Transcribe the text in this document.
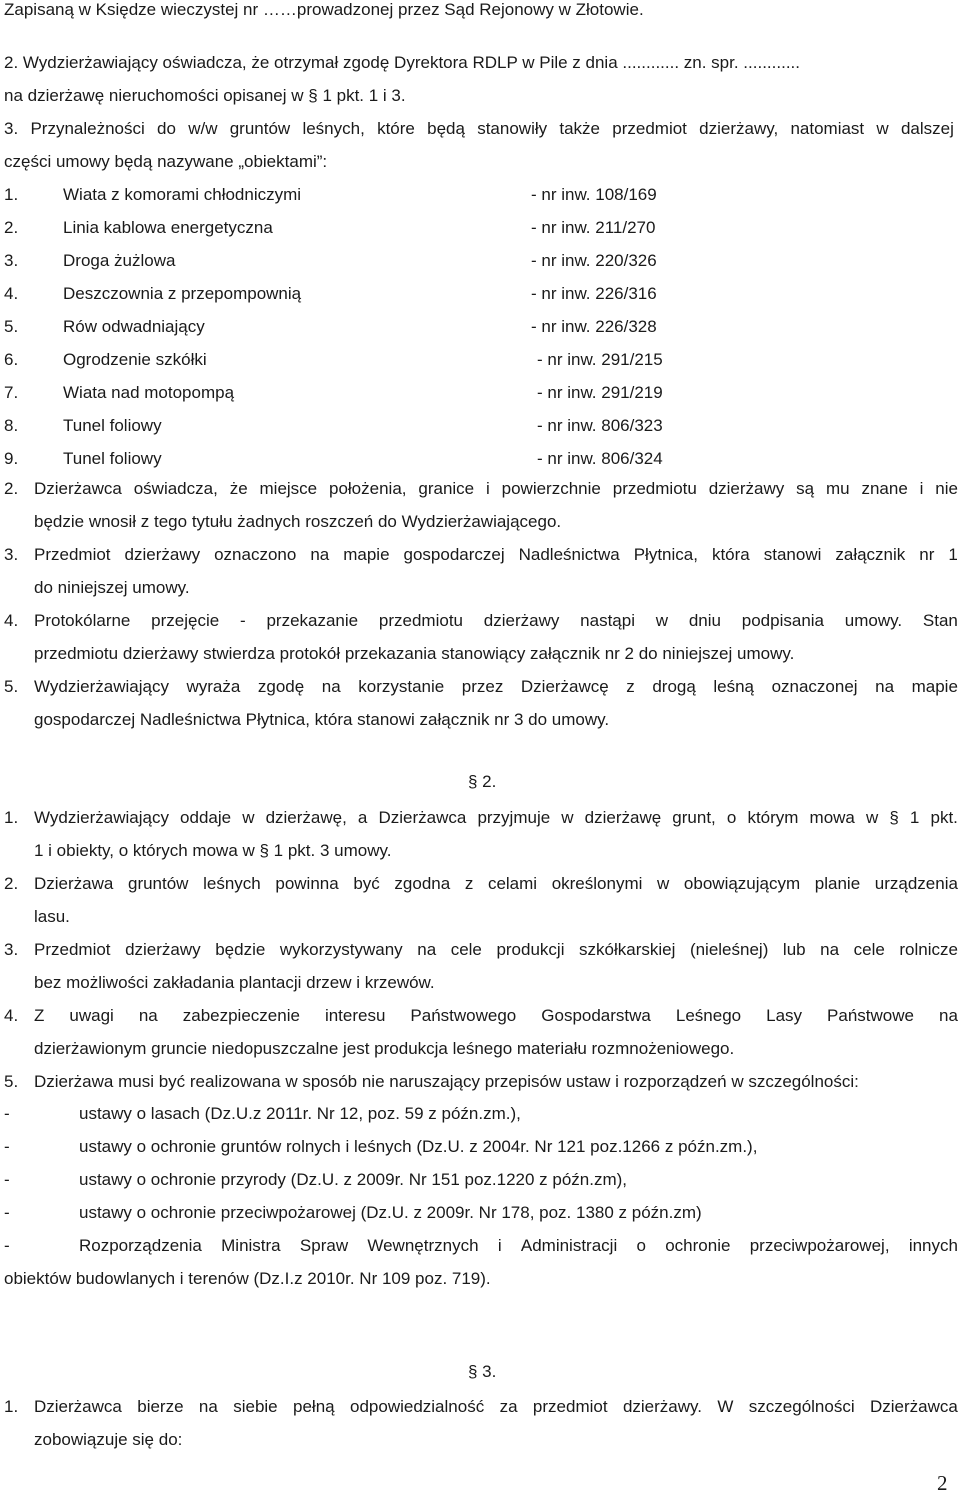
Zapisaną w Księdze wieczystej nr ……prowadzonej przez Sąd Rejonowy w Złotowie.
2. Wydzierżawiający oświadcza, że otrzymał zgodę Dyrektora RDLP w Pile z dnia ............ zn. spr. ............
na dzierżawę nieruchomości opisanej w § 1 pkt. 1 i 3.
3. Przynależności do w/w gruntów leśnych, które będą stanowiły także przedmiot dzierżawy, natomiast w dalszej
części umowy będą nazywane „obiektami”:
1.	Wiata z komorami chłodniczymi	- nr inw. 108/169
2.	Linia kablowa energetyczna	- nr inw. 211/270
3.	Droga żużlowa	- nr inw. 220/326
4.	Deszczownia z przepompownią	- nr inw. 226/316
5.	Rów odwadniający	- nr inw. 226/328
6.	Ogrodzenie szkółki	- nr inw. 291/215
7.	Wiata nad motopompą	- nr inw. 291/219
8.	Tunel foliowy	- nr inw. 806/323
9.	Tunel foliowy	- nr inw. 806/324
2. Dzierżawca oświadcza, że miejsce położenia, granice i powierzchnie przedmiotu dzierżawy są mu znane i nie
będzie wnosił z tego tytułu żadnych roszczeń do Wydzierżawiającego.
3. Przedmiot dzierżawy oznaczono na mapie gospodarczej Nadleśnictwa Płytnica, która stanowi załącznik nr 1
do niniejszej umowy.
4. Protokólarne przejęcie - przekazanie przedmiotu dzierżawy nastąpi w dniu podpisania umowy. Stan
przedmiotu dzierżawy stwierdza protokół przekazania stanowiący załącznik nr 2 do niniejszej umowy.
5. Wydzierżawiający wyraża zgodę na korzystanie przez Dzierżawcę z drogą leśną oznaczonej na mapie
gospodarczej Nadleśnictwa Płytnica, która stanowi załącznik nr 3 do umowy.
§ 2.
1. Wydzierżawiający oddaje w dzierżawę, a Dzierżawca przyjmuje w dzierżawę grunt, o którym mowa w § 1 pkt.
1 i obiekty, o których mowa w § 1 pkt. 3 umowy.
2. Dzierżawa gruntów leśnych powinna być zgodna z celami określonymi w obowiązującym planie urządzenia
lasu.
3. Przedmiot dzierżawy będzie wykorzystywany na cele produkcji szkółkarskiej (nieleśnej) lub na cele rolnicze
bez możliwości zakładania plantacji drzew i krzewów.
4. Z uwagi na zabezpieczenie interesu Państwowego Gospodarstwa Leśnego Lasy Państwowe na
dzierżawionym gruncie niedopuszczalne jest produkcja leśnego materiału rozmnożeniowego.
5. Dzierżawa musi być realizowana w sposób nie naruszający przepisów ustaw i rozporządzeń w szczególności:
-	ustawy o lasach (Dz.U.z 2011r. Nr 12, poz. 59 z późn.zm.),
-	ustawy o ochronie gruntów rolnych i leśnych (Dz.U. z 2004r. Nr 121 poz.1266 z późn.zm.),
-	ustawy o ochronie przyrody (Dz.U. z 2009r. Nr 151 poz.1220 z późn.zm),
-	ustawy o ochronie przeciwpożarowej (Dz.U. z 2009r. Nr 178, poz. 1380 z późn.zm)
-	Rozporządzenia Ministra Spraw Wewnętrznych i Administracji o ochronie przeciwpożarowej, innych
obiektów budowlanych i terenów (Dz.I.z 2010r. Nr 109 poz. 719).
§ 3.
1. Dzierżawca bierze na siebie pełną odpowiedzialność za przedmiot dzierżawy. W szczególności Dzierżawca
zobowiązuje się do:
2
